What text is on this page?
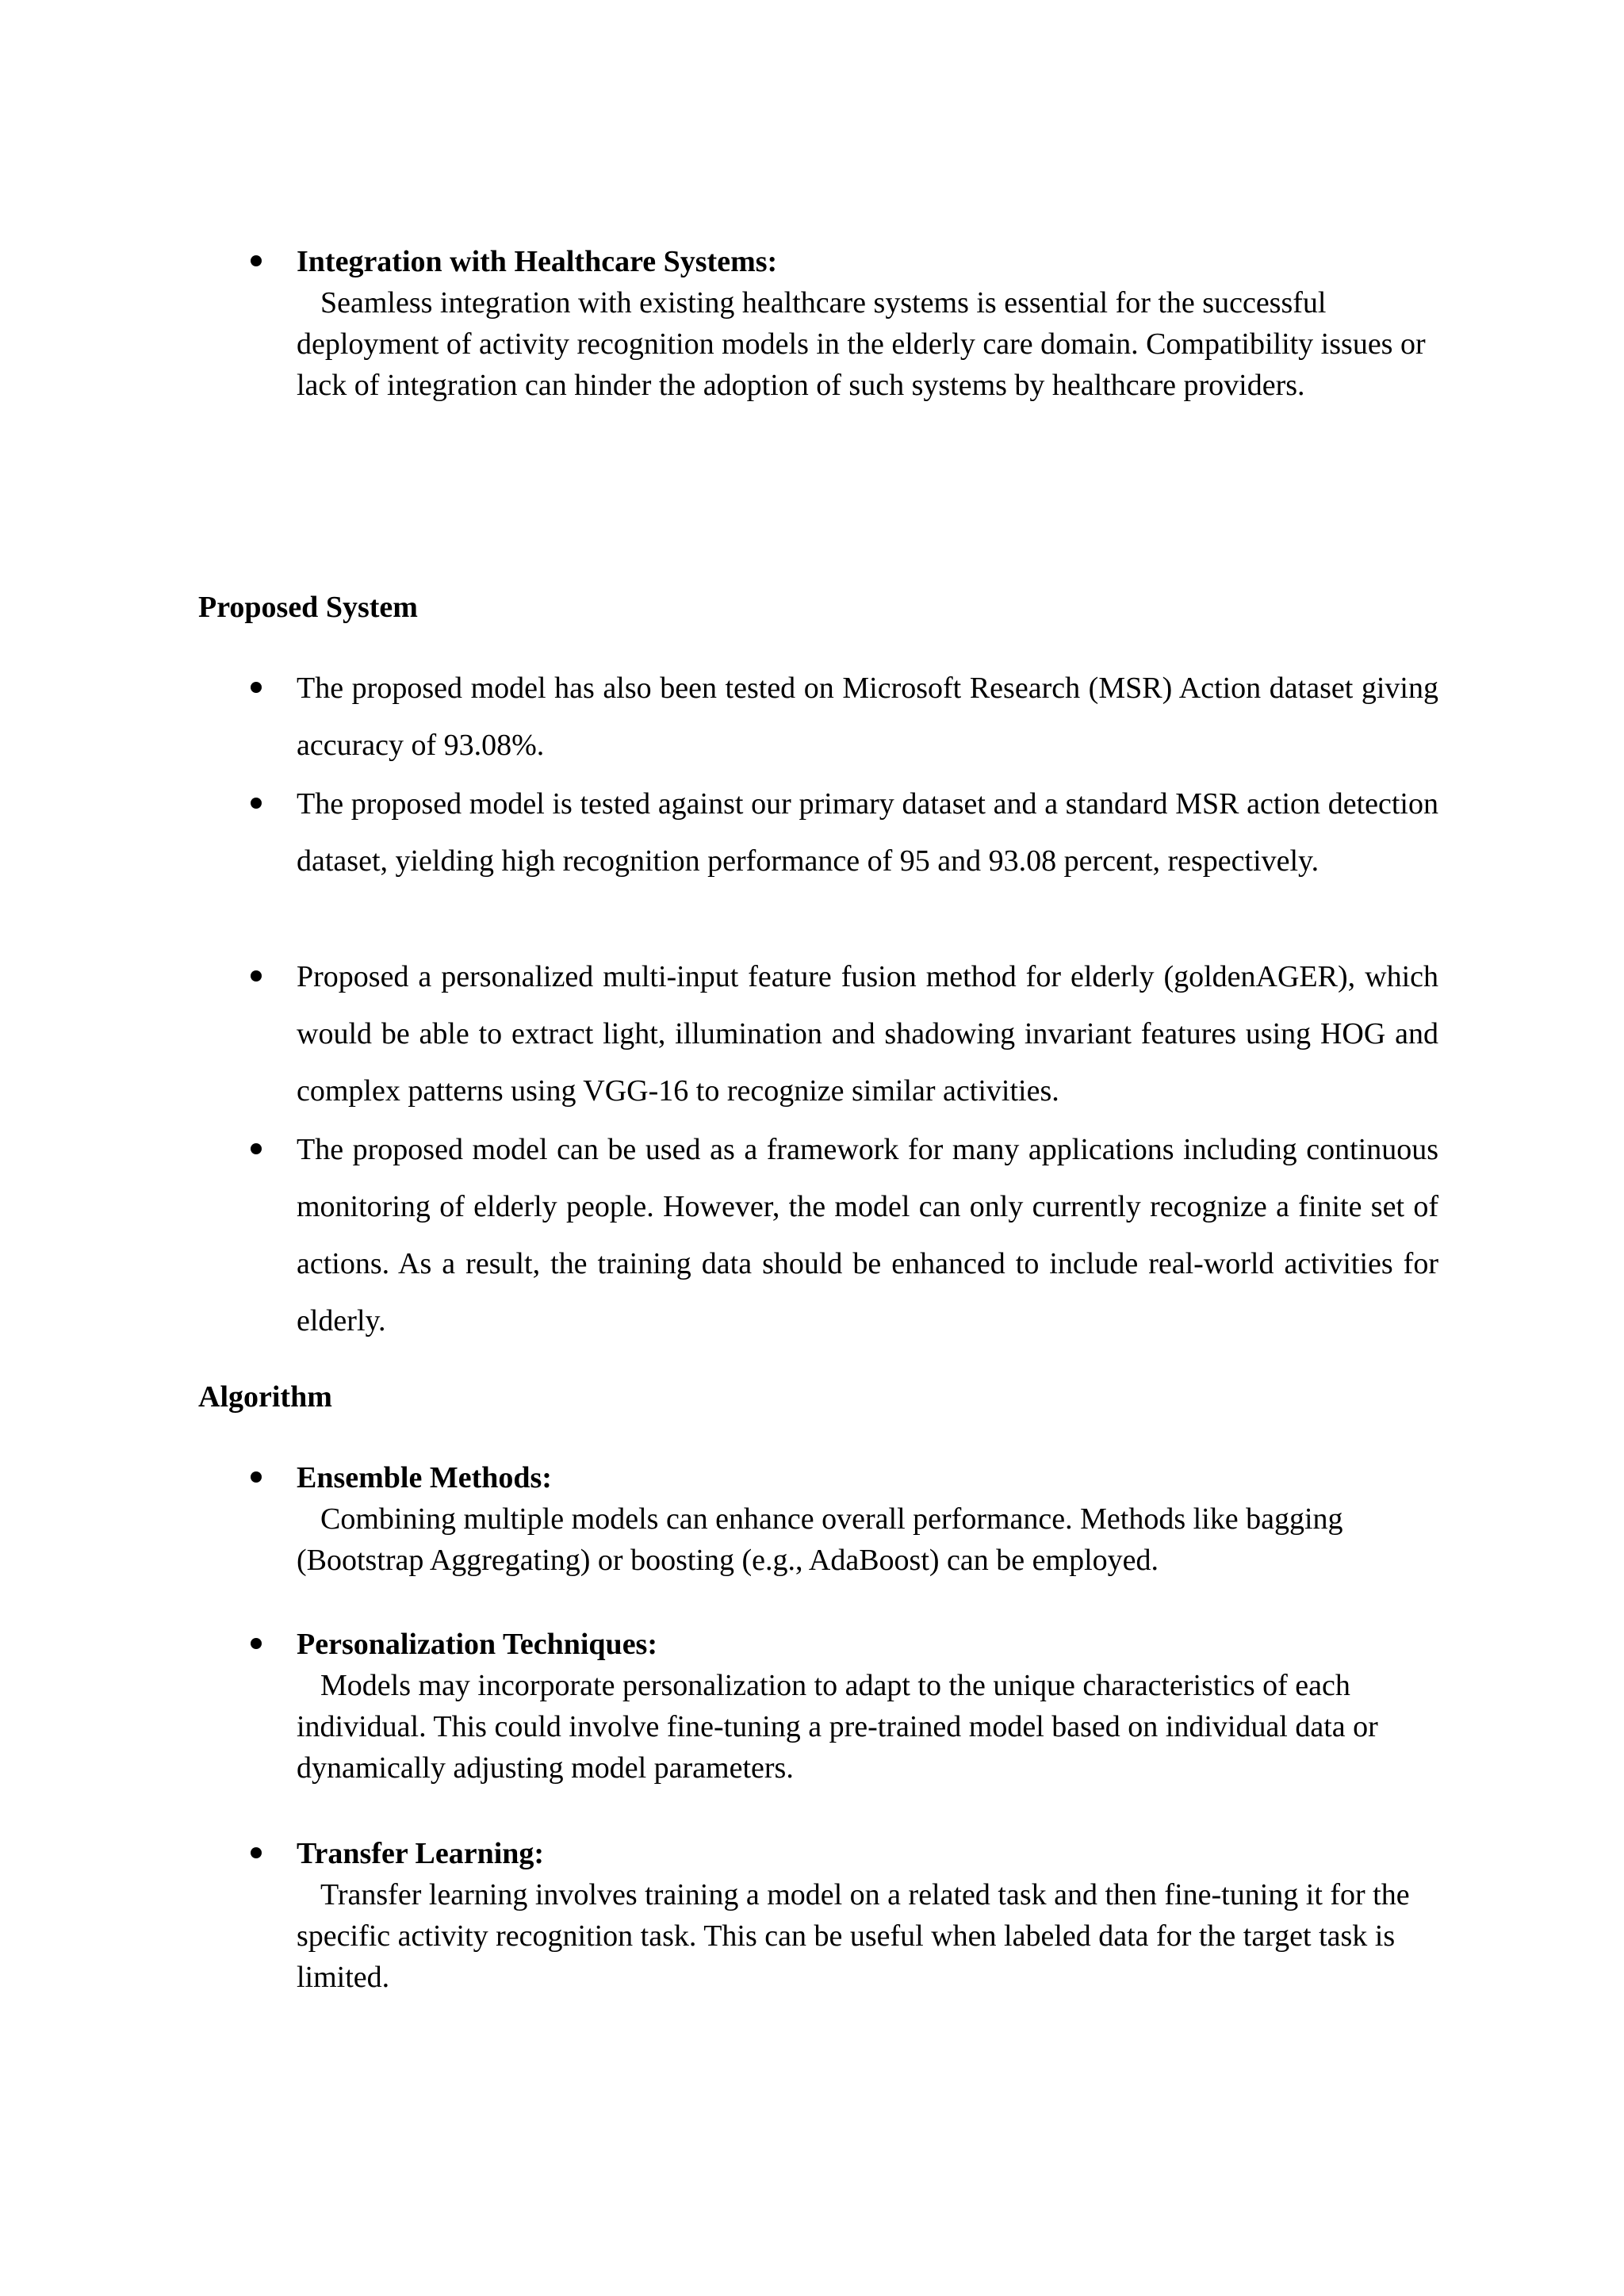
Integration with Healthcare Systems:

Seamless integration with existing healthcare systems is essential for the successful deployment of activity recognition models in the elderly care domain. Compatibility issues or lack of integration can hinder the adoption of such systems by healthcare providers.

Proposed System

The proposed model has also been tested on Microsoft Research (MSR) Action dataset giving accuracy of 93.08%.

The proposed model is tested against our primary dataset and a standard MSR action detection dataset, yielding high recognition performance of 95 and 93.08 percent, respectively.

Proposed a personalized multi-input feature fusion method for elderly (goldenAGER), which would be able to extract light, illumination and shadowing invariant features using HOG and complex patterns using VGG-16 to recognize similar activities.

The proposed model can be used as a framework for many applications including continuous monitoring of elderly people. However, the model can only currently recognize a finite set of actions. As a result, the training data should be enhanced to include real-world activities for elderly.

Algorithm

Ensemble Methods:

Combining multiple models can enhance overall performance. Methods like bagging (Bootstrap Aggregating) or boosting (e.g., AdaBoost) can be employed.

Personalization Techniques:

Models may incorporate personalization to adapt to the unique characteristics of each individual. This could involve fine-tuning a pre-trained model based on individual data or dynamically adjusting model parameters.

Transfer Learning:

Transfer learning involves training a model on a related task and then fine-tuning it for the specific activity recognition task. This can be useful when labeled data for the target task is limited.
